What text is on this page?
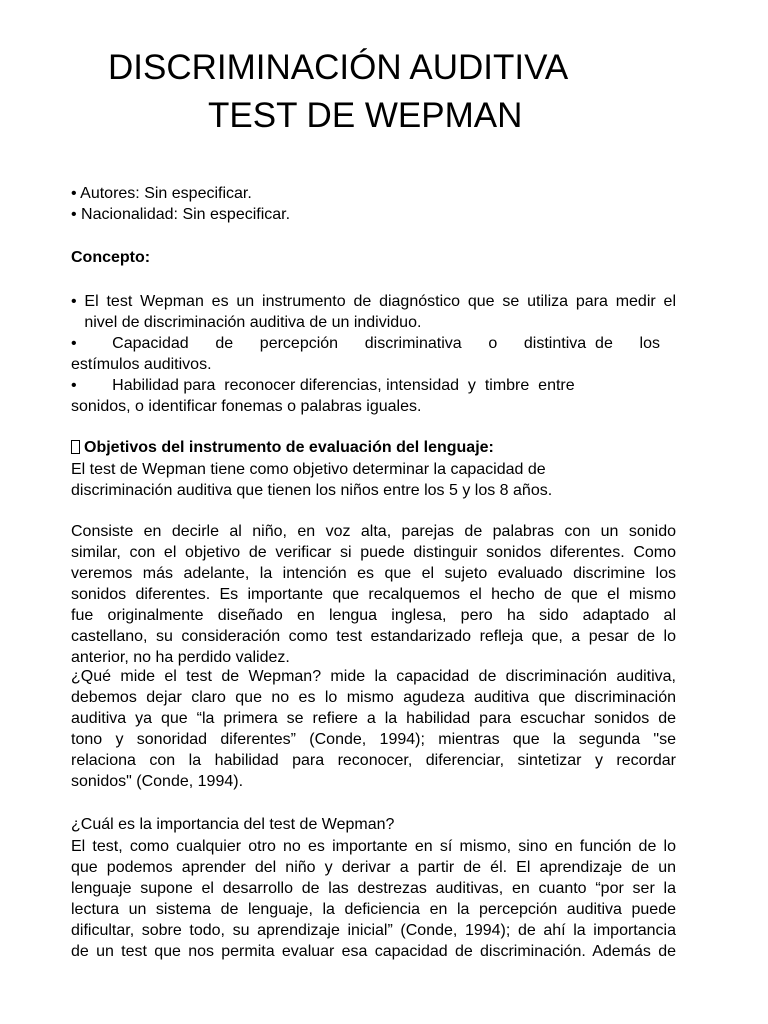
DISCRIMINACIÓN AUDITIVA
TEST DE WEPMAN
• Autores: Sin especificar.
• Nacionalidad: Sin especificar.
Concepto:
• El test Wepman es un instrumento de diagnóstico que se utiliza para medir el
nivel de discriminación auditiva de un individuo.
•        Capacidad      de      percepción      discriminativa      o      distintiva  de      los
estímulos auditivos.
•        Habilidad para  reconocer diferencias, intensidad  y  timbre  entre
sonidos, o identificar fonemas o palabras iguales.
Objetivos del instrumento de evaluación del lenguaje:
El test de Wepman tiene como objetivo determinar la capacidad de
discriminación auditiva que tienen los niños entre los 5 y los 8 años.
Consiste en decirle al niño, en voz alta, parejas de palabras con un sonido
similar, con el objetivo de verificar si puede distinguir sonidos diferentes. Como
veremos más adelante, la intención es que el sujeto evaluado discrimine los
sonidos diferentes. Es importante que recalquemos el hecho de que el mismo
fue originalmente diseñado en lengua inglesa, pero ha sido adaptado al
castellano, su consideración como test estandarizado refleja que, a pesar de lo
anterior, no ha perdido validez.
¿Qué mide el test de Wepman? mide la capacidad de discriminación auditiva,
debemos dejar claro que no es lo mismo agudeza auditiva que discriminación
auditiva ya que “la primera se refiere a la habilidad para escuchar sonidos de
tono y sonoridad diferentes” (Conde, 1994); mientras que la segunda "se
relaciona con la habilidad para reconocer, diferenciar, sintetizar y recordar
sonidos" (Conde, 1994).
¿Cuál es la importancia del test de Wepman?
El test, como cualquier otro no es importante en sí mismo, sino en función de lo
que podemos aprender del niño y derivar a partir de él. El aprendizaje de un
lenguaje supone el desarrollo de las destrezas auditivas, en cuanto “por ser la
lectura un sistema de lenguaje, la deficiencia en la percepción auditiva puede
dificultar, sobre todo, su aprendizaje inicial” (Conde, 1994); de ahí la importancia
de un test que nos permita evaluar esa capacidad de discriminación. Además de
